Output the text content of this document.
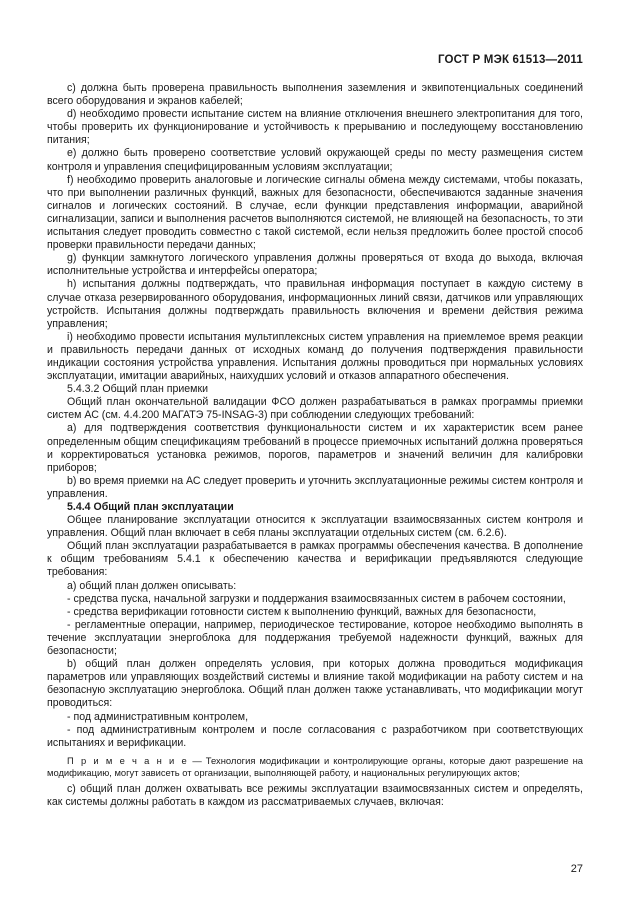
ГОСТ Р МЭК 61513—2011

c) должна быть проверена правильность выполнения заземления и эквипотенциальных соединений всего оборудования и экранов кабелей;

d) необходимо провести испытание систем на влияние отключения внешнего электропитания для того, чтобы проверить их функционирование и устойчивость к прерыванию и последующему восстановлению питания;

e) должно быть проверено соответствие условий окружающей среды по месту размещения систем контроля и управления специфицированным условиям эксплуатации;

f) необходимо проверить аналоговые и логические сигналы обмена между системами, чтобы показать, что при выполнении различных функций, важных для безопасности, обеспечиваются заданные значения сигналов и логических состояний. В случае, если функции представления информации, аварийной сигнализации, записи и выполнения расчетов выполняются системой, не влияющей на безопасность, то эти испытания следует проводить совместно с такой системой, если нельзя предложить более простой способ проверки правильности передачи данных;

g) функции замкнутого логического управления должны проверяться от входа до выхода, включая исполнительные устройства и интерфейсы оператора;

h) испытания должны подтверждать, что правильная информация поступает в каждую систему в случае отказа резервированного оборудования, информационных линий связи, датчиков или управляющих устройств. Испытания должны подтверждать правильность включения и времени действия режима управления;

i) необходимо провести испытания мультиплексных систем управления на приемлемое время реакции и правильность передачи данных от исходных команд до получения подтверждения правильности индикации состояния устройства управления. Испытания должны проводиться при нормальных условиях эксплуатации, имитации аварийных, наихудших условий и отказов аппаратного обеспечения.

5.4.3.2 Общий план приемки

Общий план окончательной валидации ФСО должен разрабатываться в рамках программы приемки систем АС (см. 4.4.200 МАГАТЭ 75-INSAG-3) при соблюдении следующих требований:

a) для подтверждения соответствия функциональности систем и их характеристик всем ранее определенным общим спецификациям требований в процессе приемочных испытаний должна проверяться и корректироваться установка режимов, порогов, параметров и значений величин для калибровки приборов;

b) во время приемки на АС следует проверить и уточнить эксплуатационные режимы систем контроля и управления.

5.4.4 Общий план эксплуатации

Общее планирование эксплуатации относится к эксплуатации взаимосвязанных систем контроля и управления. Общий план включает в себя планы эксплуатации отдельных систем (см. 6.2.6).

Общий план эксплуатации разрабатывается в рамках программы обеспечения качества. В дополнение к общим требованиям 5.4.1 к обеспечению качества и верификации предъявляются следующие требования:

a) общий план должен описывать:

- средства пуска, начальной загрузки и поддержания взаимосвязанных систем в рабочем состоянии,

- средства верификации готовности систем к выполнению функций, важных для безопасности,

- регламентные операции, например, периодическое тестирование, которое необходимо выполнять в течение эксплуатации энергоблока для поддержания требуемой надежности функций, важных для безопасности;

b) общий план должен определять условия, при которых должна проводиться модификация параметров или управляющих воздействий системы и влияние такой модификации на работу систем и на безопасную эксплуатацию энергоблока. Общий план должен также устанавливать, что модификации могут проводиться:

- под административным контролем,

- под административным контролем и после согласования с разработчиком при соответствующих испытаниях и верификации.

П р и м е ч а н и е — Технология модификации и контролирующие органы, которые дают разрешение на модификацию, могут зависеть от организации, выполняющей работу, и национальных регулирующих актов;

c) общий план должен охватывать все режимы эксплуатации взаимосвязанных систем и определять, как системы должны работать в каждом из рассматриваемых случаев, включая:

27
